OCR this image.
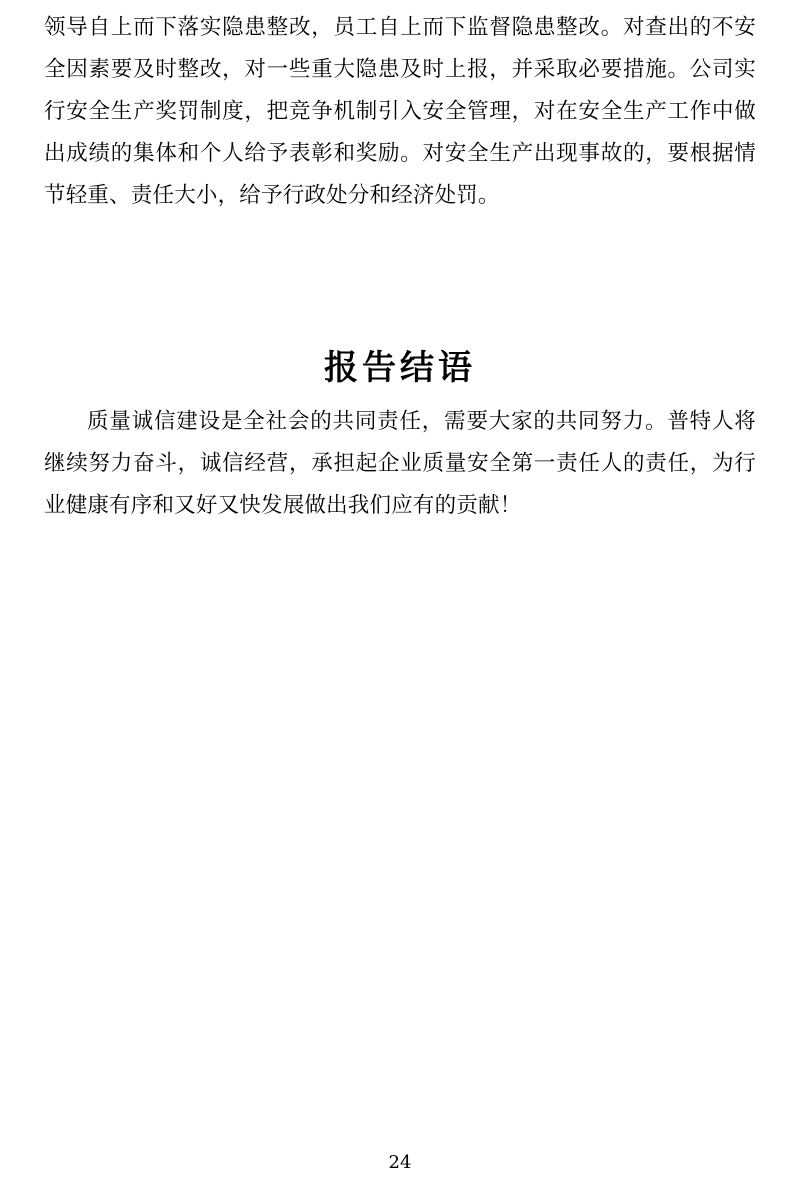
领导自上而下落实隐患整改，员工自上而下监督隐患整改。对查出的不安全因素要及时整改，对一些重大隐患及时上报，并采取必要措施。公司实行安全生产奖罚制度，把竞争机制引入安全管理，对在安全生产工作中做出成绩的集体和个人给予表彰和奖励。对安全生产出现事故的，要根据情节轻重、责任大小，给予行政处分和经济处罚。

报告结语

质量诚信建设是全社会的共同责任，需要大家的共同努力。普特人将继续努力奋斗，诚信经营，承担起企业质量安全第一责任人的责任，为行业健康有序和又好又快发展做出我们应有的贡献！

24
